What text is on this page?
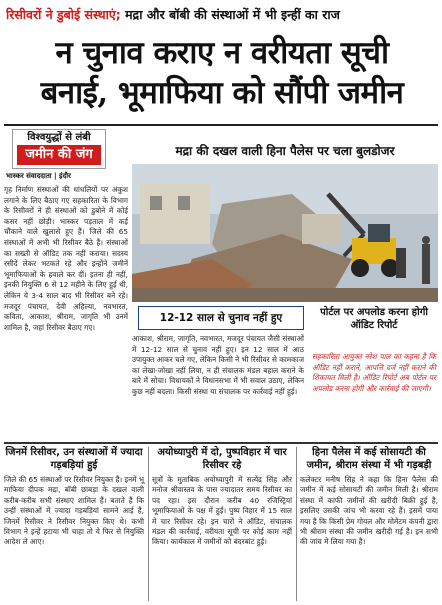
रिसीवरों ने डुबोई संस्थाएं; मद्रा और बॉबी की संस्थाओं में भी इन्हीं का राज
न चुनाव कराए न वरीयता सूची
बनाई, भूमाफिया को सौंपी जमीन
विश्वयुद्धों से लंबी
जमीन की जंग
भास्कर संवाददाता | इंदौर
गृह निर्माण संस्थाओं की धांधलियों पर अंकुश लगाने के लिए बैठाए गए सहकारिता के विभाग के रिसीवरों ने ही संस्थाओं को डुबोने में कोई कसर नहीं छोड़ी। भास्कर पड़ताल में कई चौंकाने वाले खुलासे हुए हैं। जिले की 65 संस्थाओं में अभी भी रिसीवर बैठे हैं। संस्थाओं का सख्ती से ऑडिट तक नहीं कराया। सदस्य रसीदें लेकर भटकते रहे और इन्होंने जमीनें भूमाफियाओं के हवाले कर दीं। इतना ही नहीं, इनकी नियुक्ति 6 से 12 महीने के लिए हुई थी, लेकिन ये 3-4 साल बाद भी रिसीवर बने रहे। मजदूर पंचायत, देवी अहिल्या, नवभारत, कविता, आकाश, श्रीराम, जागृति भी उनमें शामिल है, जहां रिसीवर बैठाए गए।
मद्रा की दखल वाली हिना पैलेस पर चला बुलडोजर
12-12 साल से चुनाव नहीं हुए
आकाश, श्रीराम, जागृति, नवभारत, मजदूर पंचायत जैसी संस्थाओं में 12-12 साल से चुनाव नहीं हुए। इन 12 साल में आठ उपायुक्त आकर चले गए, लेकिन किसी ने भी रिसीवर से कामकाज का लेखा-जोखा नहीं लिया, न ही संचालक मंडल बहाल कराने के बारे में सोचा। विधायकों ने विधानसभा में भी सवाल उठाए, लेकिन कुछ नहीं बदला। किसी संस्था या संचालक पर कार्रवाई नहीं हुई।
पोर्टल पर अपलोड करना होगी ऑडिट रिपोर्ट
सहकारिता आयुक्त नरेश पाल का कहना है कि ऑडिट नहीं कराने, आपत्ति दर्ज नहीं कराने की शिकायत मिली है। ऑडिट रिपोर्ट अब पोर्टल पर अपलोड करना होगी और कार्रवाई की जाएगी।
जिनमें रिसीवर, उन संस्थाओं में ज्यादा गड़बड़ियां हुई
जिले की 65 संस्थाओं पर रिसीवर नियुक्त हैं। इनमें भू माफिया दीपक मद्रा, बॉबी छाबड़ा के दखल वाली करीब-करीब सभी संस्थाएं शामिल हैं। बताते हैं कि उन्हीं संस्थाओं में ज्यादा गड़बड़ियां सामने आई हैं, जिनमें रिसीवर ने रिसीवर नियुक्त किए थे। कभी विभाग ने इन्हें हटाया भी चाहा तो ये फिर से नियुक्ति आदेश ले आए।
अयोध्यापुरी में दो, पुष्पविहार में चार रिसीवर रहे
सूत्रों के मुताबिक अयोध्यापुरी में सत्येंद्र सिंह और मनोज श्रीवास्तव के पास ज्यादातर समय रिसीवर का पद रहा। इस दौरान करीब 40 रजिस्ट्रियां भूमाफियाओं के पक्ष में हुईं। पुष्प विहार में 15 साल में चार रिसीवर रहे। इन चारों ने ऑडिट, संचालक मंडल की कार्रवाई, वरीयता सूची पर कोई काम नहीं किया। कार्यकाल में जमीनों को बंदरबांट हुई।
हिना पैलेस में कई सोसायटी की जमीन, श्रीराम संस्था में भी गड़बड़ी
कलेक्टर मनीष सिंह ने कहा कि हिना पैलेस की जमीन में कई सोसायटी की जमीन मिली है। श्रीराम संस्था में काफी जमीनों की खरीदी बिक्री हुई है, इसलिए उसकी जांच भी करवा रहे हैं। इसमें पाया गया है कि किसी प्रेम गोयल और मोमेंटम कंपनी द्वारा भी श्रीराम संस्था की जमीन खरीदी गई है। इन सभी की जांच में लिया गया है।
